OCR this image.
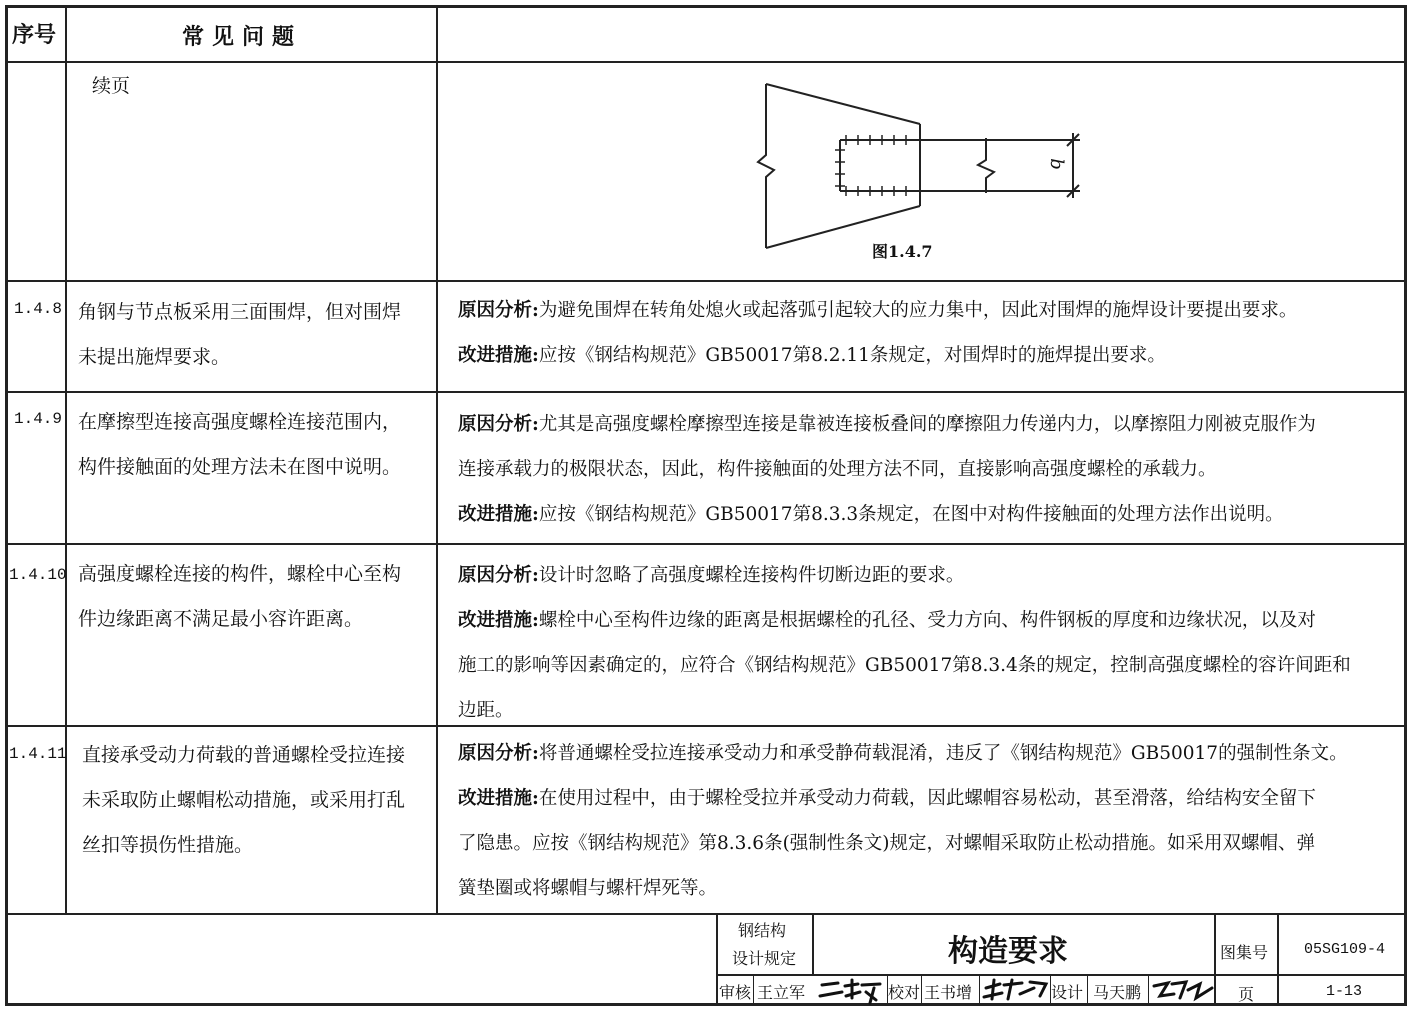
序号	常见问题
续页
b
图1.4.7
1.4.8 角钢与节点板采用三面围焊，但对围焊
未提出施焊要求。
原因分析:为避免围焊在转角处熄火或起落弧引起较大的应力集中，因此对围焊的施焊设计要提出要求。
改进措施:应按《钢结构规范》GB50017第8.2.11条规定，对围焊时的施焊提出要求。
1.4.9 在摩擦型连接高强度螺栓连接范围内，
构件接触面的处理方法未在图中说明。
原因分析:尤其是高强度螺栓摩擦型连接是靠被连接板叠间的摩擦阻力传递内力，以摩擦阻力刚被克服作为
连接承载力的极限状态，因此，构件接触面的处理方法不同，直接影响高强度螺栓的承载力。
改进措施:应按《钢结构规范》GB50017第8.3.3条规定，在图中对构件接触面的处理方法作出说明。
1.4.10 高强度螺栓连接的构件，螺栓中心至构
件边缘距离不满足最小容许距离。
原因分析:设计时忽略了高强度螺栓连接构件切断边距的要求。
改进措施:螺栓中心至构件边缘的距离是根据螺栓的孔径、受力方向、构件钢板的厚度和边缘状况，以及对
施工的影响等因素确定的，应符合《钢结构规范》GB50017第8.3.4条的规定，控制高强度螺栓的容许间距和
边距。
1.4.11 直接承受动力荷载的普通螺栓受拉连接
未采取防止螺帽松动措施，或采用打乱
丝扣等损伤性措施。
原因分析:将普通螺栓受拉连接承受动力和承受静荷载混淆，违反了《钢结构规范》GB50017的强制性条文。
改进措施:在使用过程中，由于螺栓受拉并承受动力荷载，因此螺帽容易松动，甚至滑落，给结构安全留下
了隐患。应按《钢结构规范》第8.3.6条(强制性条文)规定，对螺帽采取防止松动措施。如采用双螺帽、弹
簧垫圈或将螺帽与螺杆焊死等。
钢结构
设计规定	构造要求	图集号 05SG109-4
审核 王立军	校对 王书增	设计 马天鹏	页	1-13
